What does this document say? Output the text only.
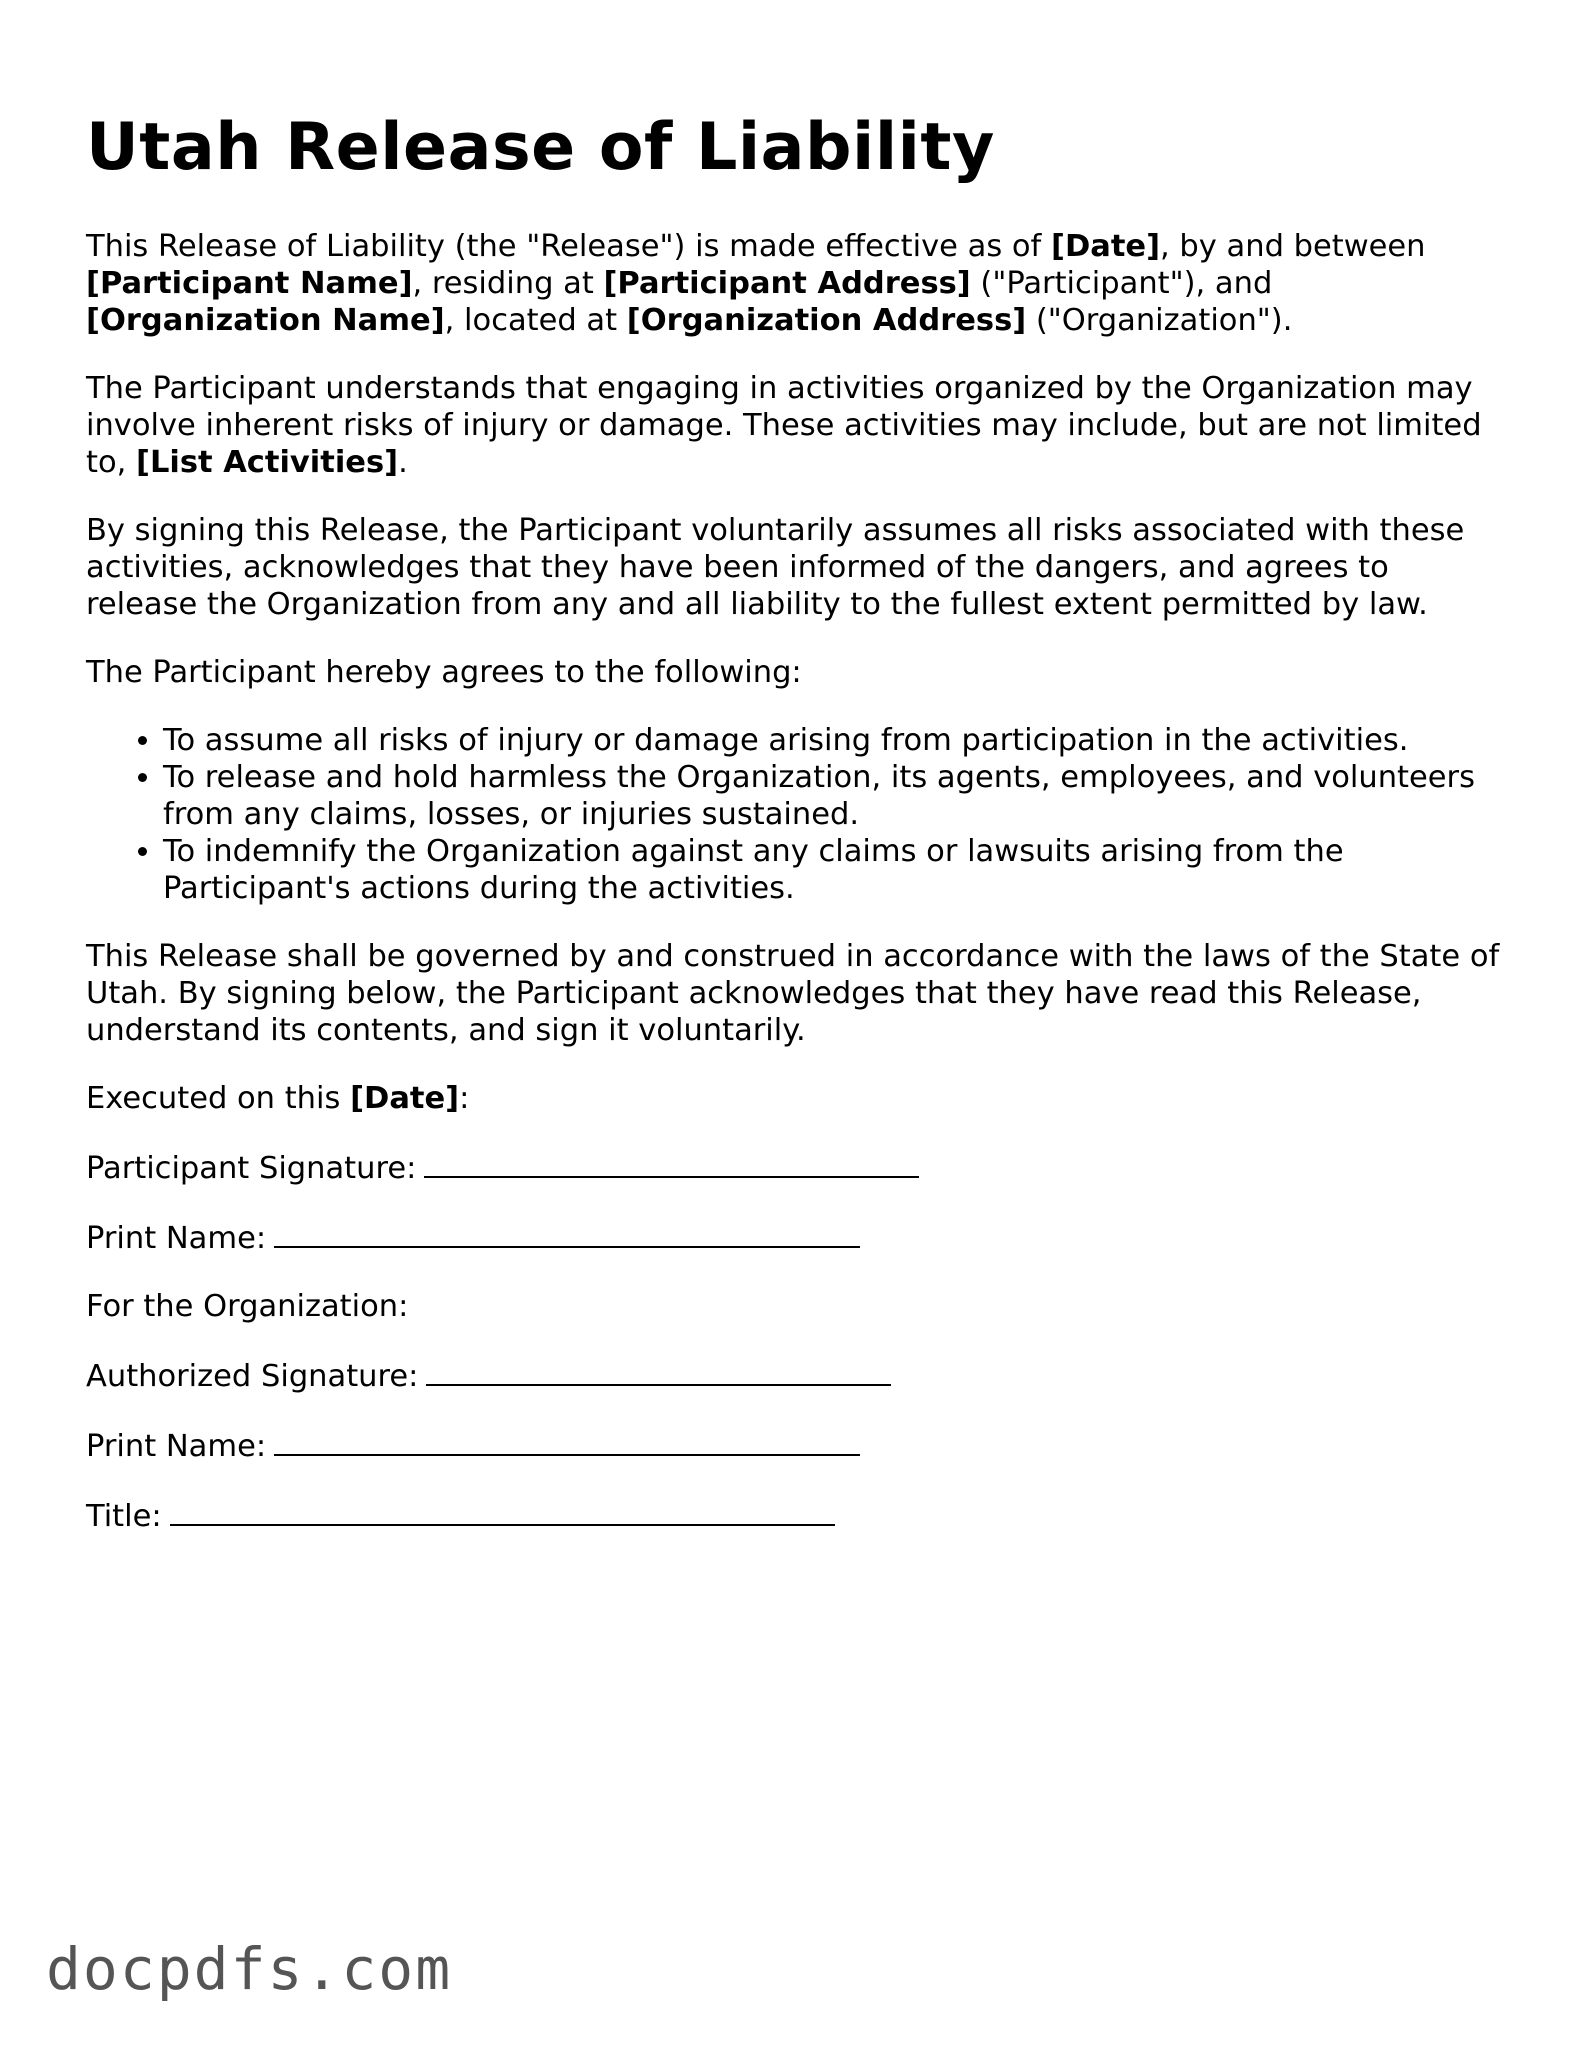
Utah Release of Liability

This Release of Liability (the "Release") is made effective as of [Date], by and between [Participant Name], residing at [Participant Address] ("Participant"), and [Organization Name], located at [Organization Address] ("Organization").

The Participant understands that engaging in activities organized by the Organization may involve inherent risks of injury or damage. These activities may include, but are not limited to, [List Activities].

By signing this Release, the Participant voluntarily assumes all risks associated with these activities, acknowledges that they have been informed of the dangers, and agrees to release the Organization from any and all liability to the fullest extent permitted by law.

The Participant hereby agrees to the following:

• To assume all risks of injury or damage arising from participation in the activities.
• To release and hold harmless the Organization, its agents, employees, and volunteers from any claims, losses, or injuries sustained.
• To indemnify the Organization against any claims or lawsuits arising from the Participant's actions during the activities.

This Release shall be governed by and construed in accordance with the laws of the State of Utah. By signing below, the Participant acknowledges that they have read this Release, understand its contents, and sign it voluntarily.

Executed on this [Date]:

Participant Signature:

Print Name:

For the Organization:

Authorized Signature:

Print Name:

Title:

docpdfs.com
